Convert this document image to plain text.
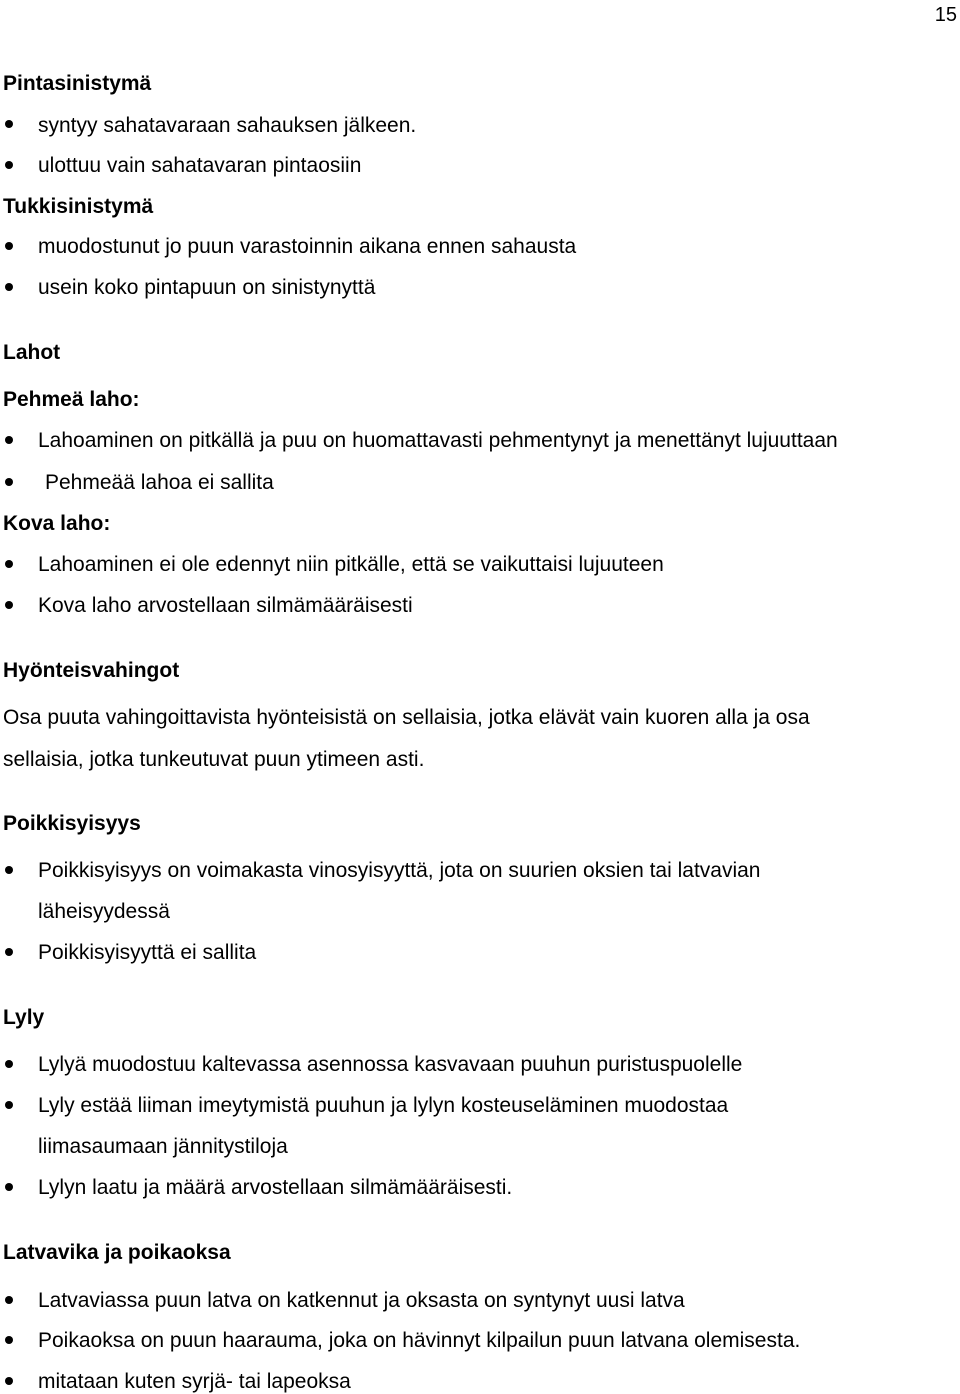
15
Pintasinistymä
syntyy sahatavaraan sahauksen jälkeen.
ulottuu vain sahatavaran pintaosiin
Tukkisinistymä
muodostunut jo puun varastoinnin aikana ennen sahausta
usein koko pintapuun on sinistynyttä
Lahot
Pehmeä laho:
Lahoaminen on pitkällä ja puu on huomattavasti pehmentynyt ja menettänyt lujuuttaan
Pehmeää lahoa ei sallita
Kova laho:
Lahoaminen ei ole edennyt niin pitkälle, että se vaikuttaisi lujuuteen
Kova laho arvostellaan silmämääräisesti
Hyönteisvahingot
Osa puuta vahingoittavista hyönteisistä on sellaisia, jotka elävät vain kuoren alla ja osa
sellaisia, jotka tunkeutuvat puun ytimeen asti.
Poikkisyisyys
Poikkisyisyys on voimakasta vinosyisyyttä, jota on suurien oksien tai latvavian
läheisyydessä
Poikkisyisyyttä ei sallita
Lyly
Lylyä muodostuu kaltevassa asennossa kasvavaan puuhun puristuspuolelle
Lyly estää liiman imeytymistä puuhun ja lylyn kosteuseläminen muodostaa
liimasaumaan jännitystiloja
Lylyn laatu ja määrä arvostellaan silmämääräisesti.
Latvavika ja poikaoksa
Latvaviassa puun latva on katkennut ja oksasta on syntynyt uusi latva
Poikaoksa on puun haarauma, joka on hävinnyt kilpailun puun latvana olemisesta.
mitataan kuten syrjä- tai lapeoksa
